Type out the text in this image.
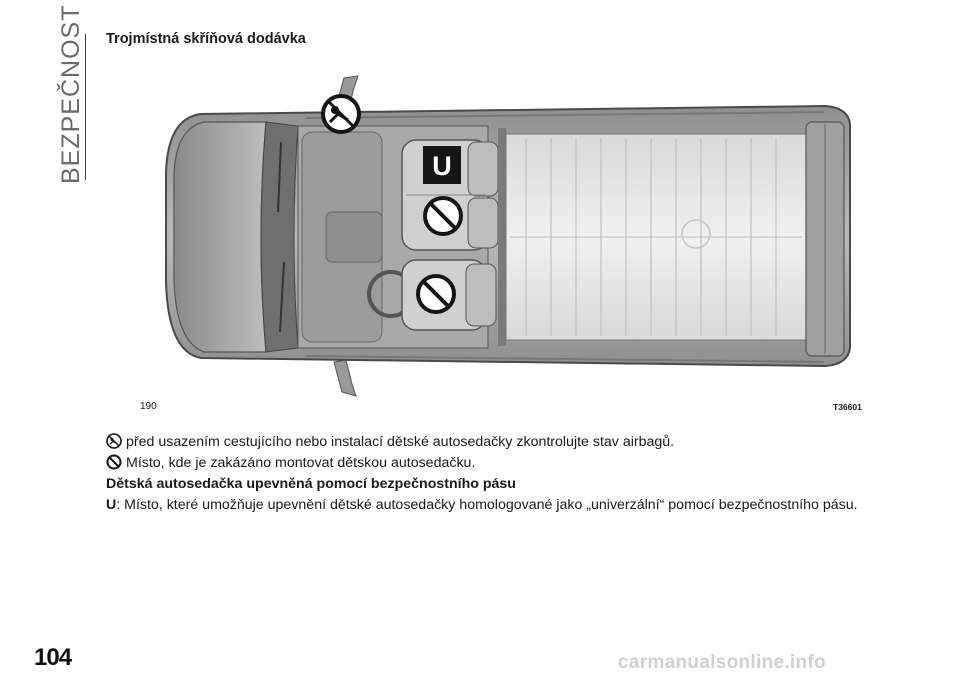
BEZPEČNOST Trojmístná skříňová dodávka
U
190	T36601
před usazením cestujícího nebo instalací dětské autosedačky zkontrolujte stav airbagů.
Místo, kde je zakázáno montovat dětskou autosedačku.
Dětská autosedačka upevněná pomocí bezpečnostního pásu
U: Místo, které umožňuje upevnění dětské autosedačky homologované jako „univerzální“ pomocí bezpečnostního pásu.
104	carmanualsonline.info
